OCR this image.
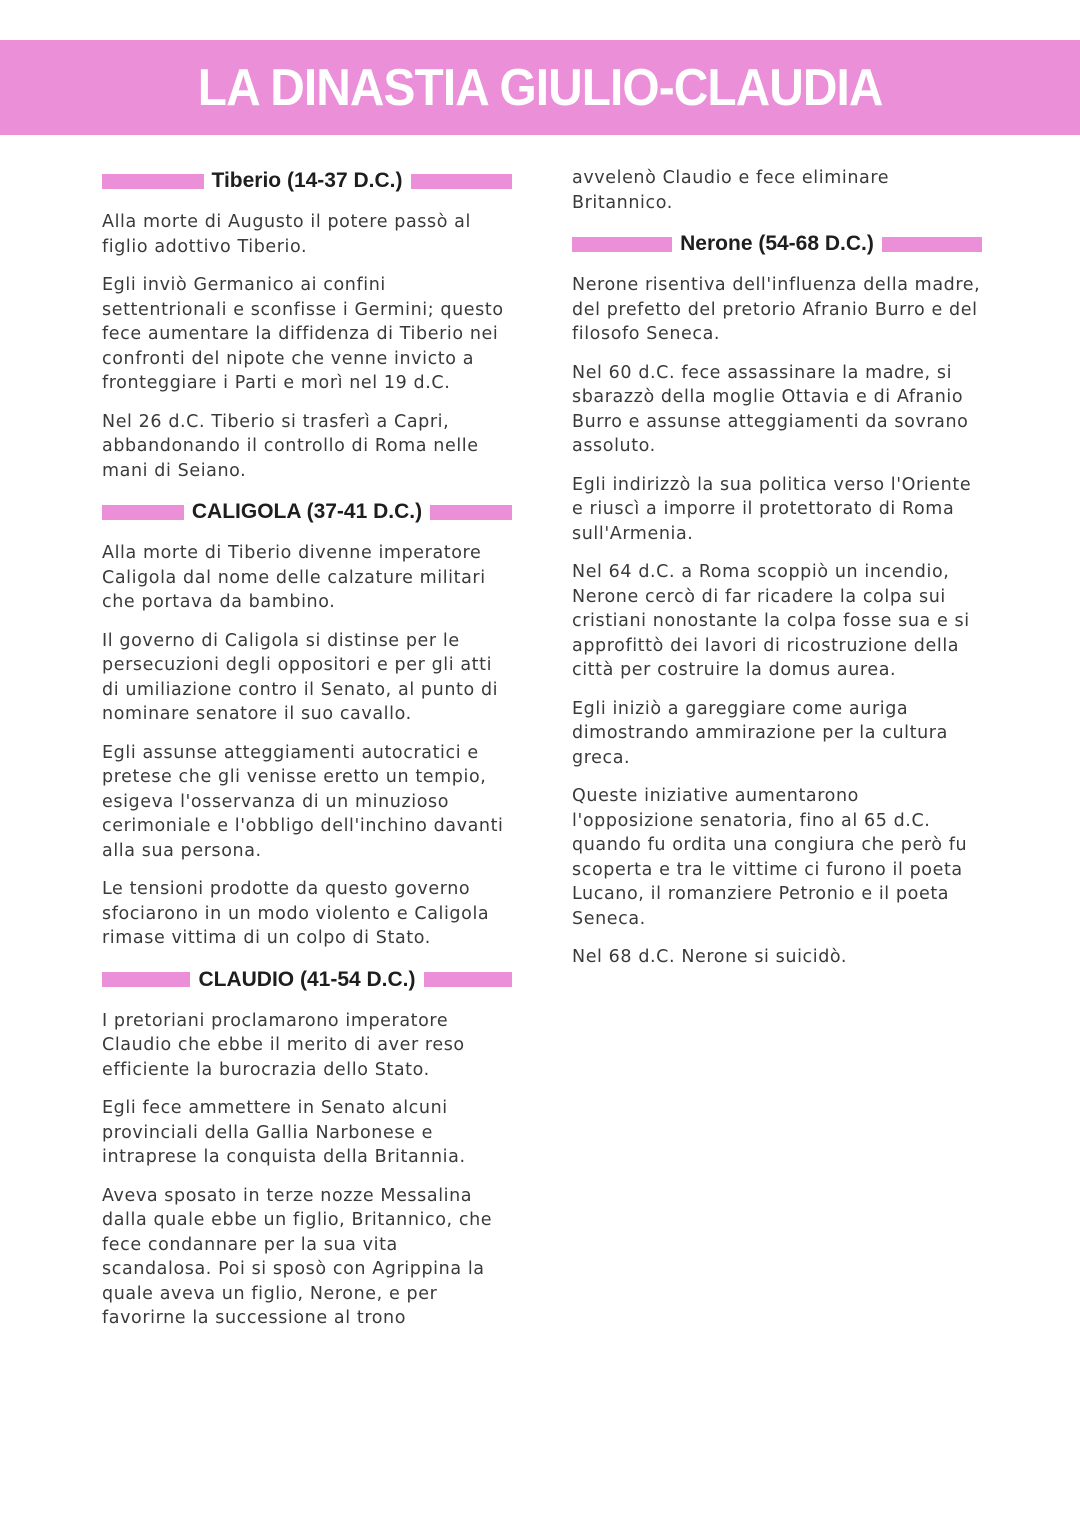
LA DINASTIA GIULIO-CLAUDIA
Tiberio (14-37 D.C.)

Alla morte di Augusto il potere passò al figlio adottivo Tiberio.

Egli inviò Germanico ai confini settentrionali e sconfisse i Germini; questo fece aumentare la diffidenza di Tiberio nei confronti del nipote che venne invicto a fronteggiare i Parti e morì nel 19 d.C.

Nel 26 d.C. Tiberio si trasferì a Capri, abbandonando il controllo di Roma nelle mani di Seiano.

CALIGOLA (37-41 D.C.)

Alla morte di Tiberio divenne imperatore Caligola dal nome delle calzature militari che portava da bambino.

Il governo di Caligola si distinse per le persecuzioni degli oppositori e per gli atti di umiliazione contro il Senato, al punto di nominare senatore il suo cavallo.

Egli assunse atteggiamenti autocratici e pretese che gli venisse eretto un tempio, esigeva l'osservanza di un minuzioso cerimoniale e l'obbligo dell'inchino davanti alla sua persona.

Le tensioni prodotte da questo governo sfociarono in un modo violento e Caligola rimase vittima di un colpo di Stato.

CLAUDIO (41-54 D.C.)

I pretoriani proclamarono imperatore Claudio che ebbe il merito di aver reso efficiente la burocrazia dello Stato.

Egli fece ammettere in Senato alcuni provinciali della Gallia Narbonese e intraprese la conquista della Britannia.

Aveva sposato in terze nozze Messalina dalla quale ebbe un figlio, Britannico, che fece condannare per la sua vita scandalosa. Poi si sposò con Agrippina la quale aveva un figlio, Nerone, e per favorirne la successione al trono

avvelenò Claudio e fece eliminare Britannico.

Nerone (54-68 D.C.)

Nerone risentiva dell'influenza della madre, del prefetto del pretorio Afranio Burro e del filosofo Seneca.

Nel 60 d.C. fece assassinare la madre, si sbarazzò della moglie Ottavia e di Afranio Burro e assunse atteggiamenti da sovrano assoluto.

Egli indirizzò la sua politica verso l'Oriente e riuscì a imporre il protettorato di Roma sull'Armenia.

Nel 64 d.C. a Roma scoppiò un incendio, Nerone cercò di far ricadere la colpa sui cristiani nonostante la colpa fosse sua e si approfittò dei lavori di ricostruzione della città per costruire la domus aurea.

Egli iniziò a gareggiare come auriga dimostrando ammirazione per la cultura greca.

Queste iniziative aumentarono l'opposizione senatoria, fino al 65 d.C. quando fu ordita una congiura che però fu scoperta e tra le vittime ci furono il poeta Lucano, il romanziere Petronio e il poeta Seneca.

Nel 68 d.C. Nerone si suicidò.
